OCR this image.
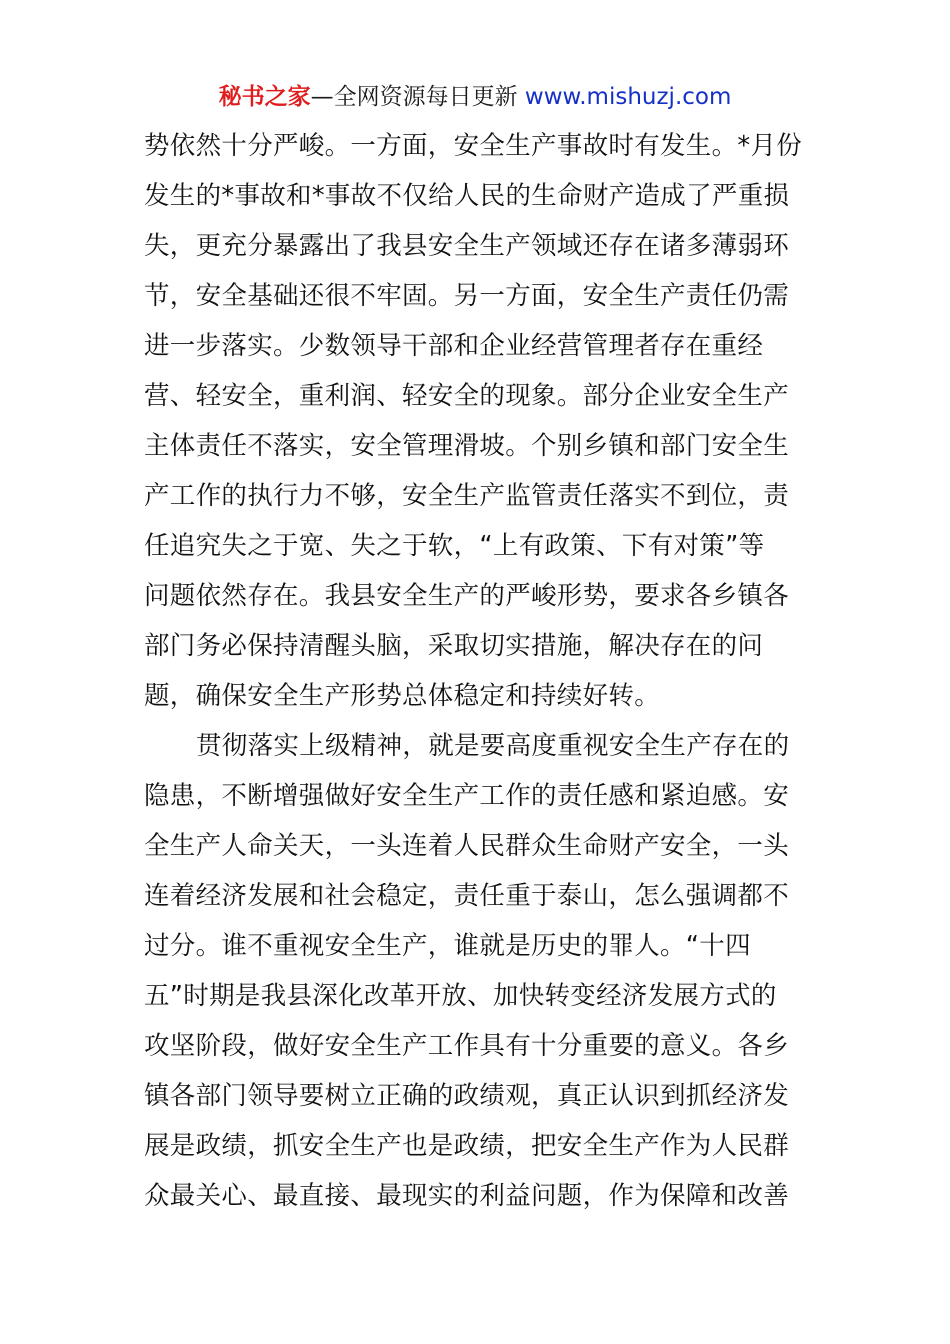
秘书之家—全网资源每日更新 www.mishuzj.com
势依然十分严峻。一方面，安全生产事故时有发生。*月份
发生的*事故和*事故不仅给人民的生命财产造成了严重损
失，更充分暴露出了我县安全生产领域还存在诸多薄弱环
节，安全基础还很不牢固。另一方面，安全生产责任仍需
进一步落实。少数领导干部和企业经营管理者存在重经
营、轻安全，重利润、轻安全的现象。部分企业安全生产
主体责任不落实，安全管理滑坡。个别乡镇和部门安全生
产工作的执行力不够，安全生产监管责任落实不到位，责
任追究失之于宽、失之于软，“上有政策、下有对策”等
问题依然存在。我县安全生产的严峻形势，要求各乡镇各
部门务必保持清醒头脑，采取切实措施，解决存在的问
题，确保安全生产形势总体稳定和持续好转。
贯彻落实上级精神，就是要高度重视安全生产存在的
隐患，不断增强做好安全生产工作的责任感和紧迫感。安
全生产人命关天，一头连着人民群众生命财产安全，一头
连着经济发展和社会稳定，责任重于泰山，怎么强调都不
过分。谁不重视安全生产，谁就是历史的罪人。“十四
五”时期是我县深化改革开放、加快转变经济发展方式的
攻坚阶段，做好安全生产工作具有十分重要的意义。各乡
镇各部门领导要树立正确的政绩观，真正认识到抓经济发
展是政绩，抓安全生产也是政绩，把安全生产作为人民群
众最关心、最直接、最现实的利益问题，作为保障和改善
